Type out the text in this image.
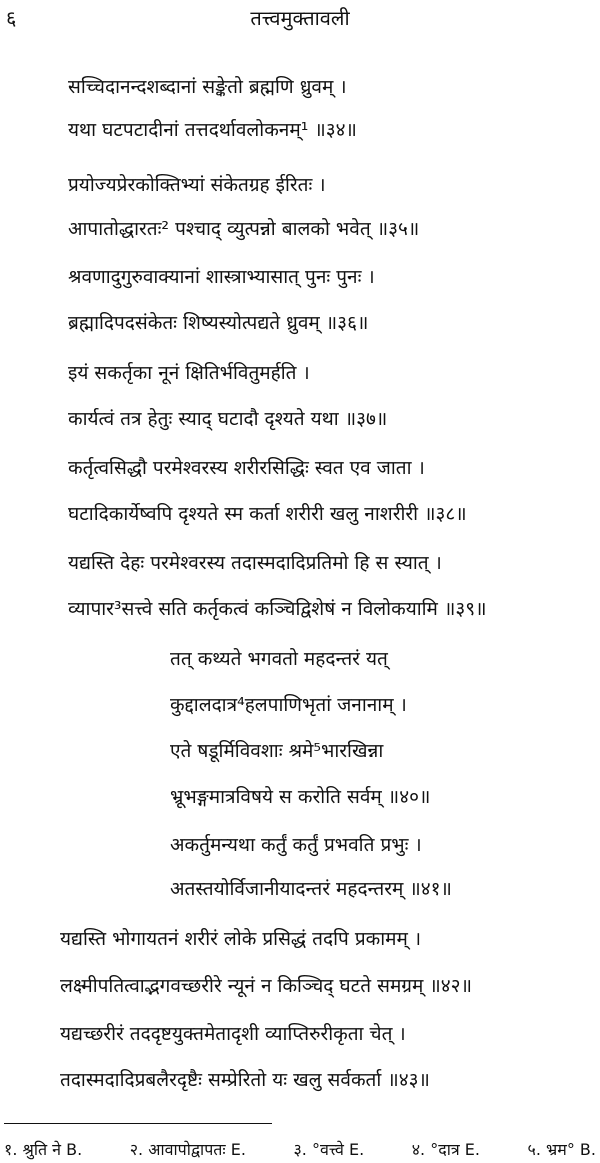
६	तत्त्वमुक्तावली
सच्चिदानन्दशब्दानां सङ्केतो ब्रह्मणि ध्रुवम् ।
यथा घटपटादीनां तत्तदर्थावलोकनम्¹ ॥३४॥
प्रयोज्यप्रेरकोक्तिभ्यां संकेतग्रह ईरितः ।
आपातोद्धारतः² पश्चाद् व्युत्पन्नो बालको भवेत् ॥३५॥
श्रवणादुगुरुवाक्यानां शास्त्राभ्यासात् पुनः पुनः ।
ब्रह्मादिपदसंकेतः शिष्यस्योत्पद्यते ध्रुवम् ॥३६॥
इयं सकर्तृका नूनं क्षितिर्भवितुमर्हति ।
कार्यत्वं तत्र हेतुः स्याद् घटादौ दृश्यते यथा ॥३७॥
कर्तृत्वसिद्धौ परमेश्वरस्य शरीरसिद्धिः स्वत एव जाता ।
घटादिकार्येष्वपि दृश्यते स्म कर्ता शरीरी खलु नाशरीरी ॥३८॥
यद्यस्ति देहः परमेश्वरस्य तदास्मदादिप्रतिमो हि स स्यात् ।
व्यापार³सत्त्वे सति कर्तृकत्वं कञ्चिद्विशेषं न विलोकयामि ॥३९॥
तत् कथ्यते भगवतो महदन्तरं यत्
कुद्दालदात्र⁴हलपाणिभृतां जनानाम् ।
एते षडूर्मिविवशाः श्रमे⁵भारखिन्ना
भ्रूभङ्गमात्रविषये स करोति सर्वम् ॥४०॥
अकर्तुमन्यथा कर्तुं कर्तुं प्रभवति प्रभुः ।
अतस्तयोर्विजानीयादन्तरं महदन्तरम् ॥४१॥
यद्यस्ति भोगायतनं शरीरं लोके प्रसिद्धं तदपि प्रकामम् ।
लक्ष्मीपतित्वाद्भगवच्छरीरे न्यूनं न किञ्चिद् घटते समग्रम् ॥४२॥
यद्यच्छरीरं तददृष्टयुक्तमेतादृशी व्याप्तिरुरीकृता चेत् ।
तदास्मदादिप्रबलैरदृष्टैः सम्प्रेरितो यः खलु सर्वकर्ता ॥४३॥
१. श्रुति ने B.	२. आवापोद्वापतः E.	३. °वत्त्वे E.	४. °दात्र E.	५. भ्रम° B.
